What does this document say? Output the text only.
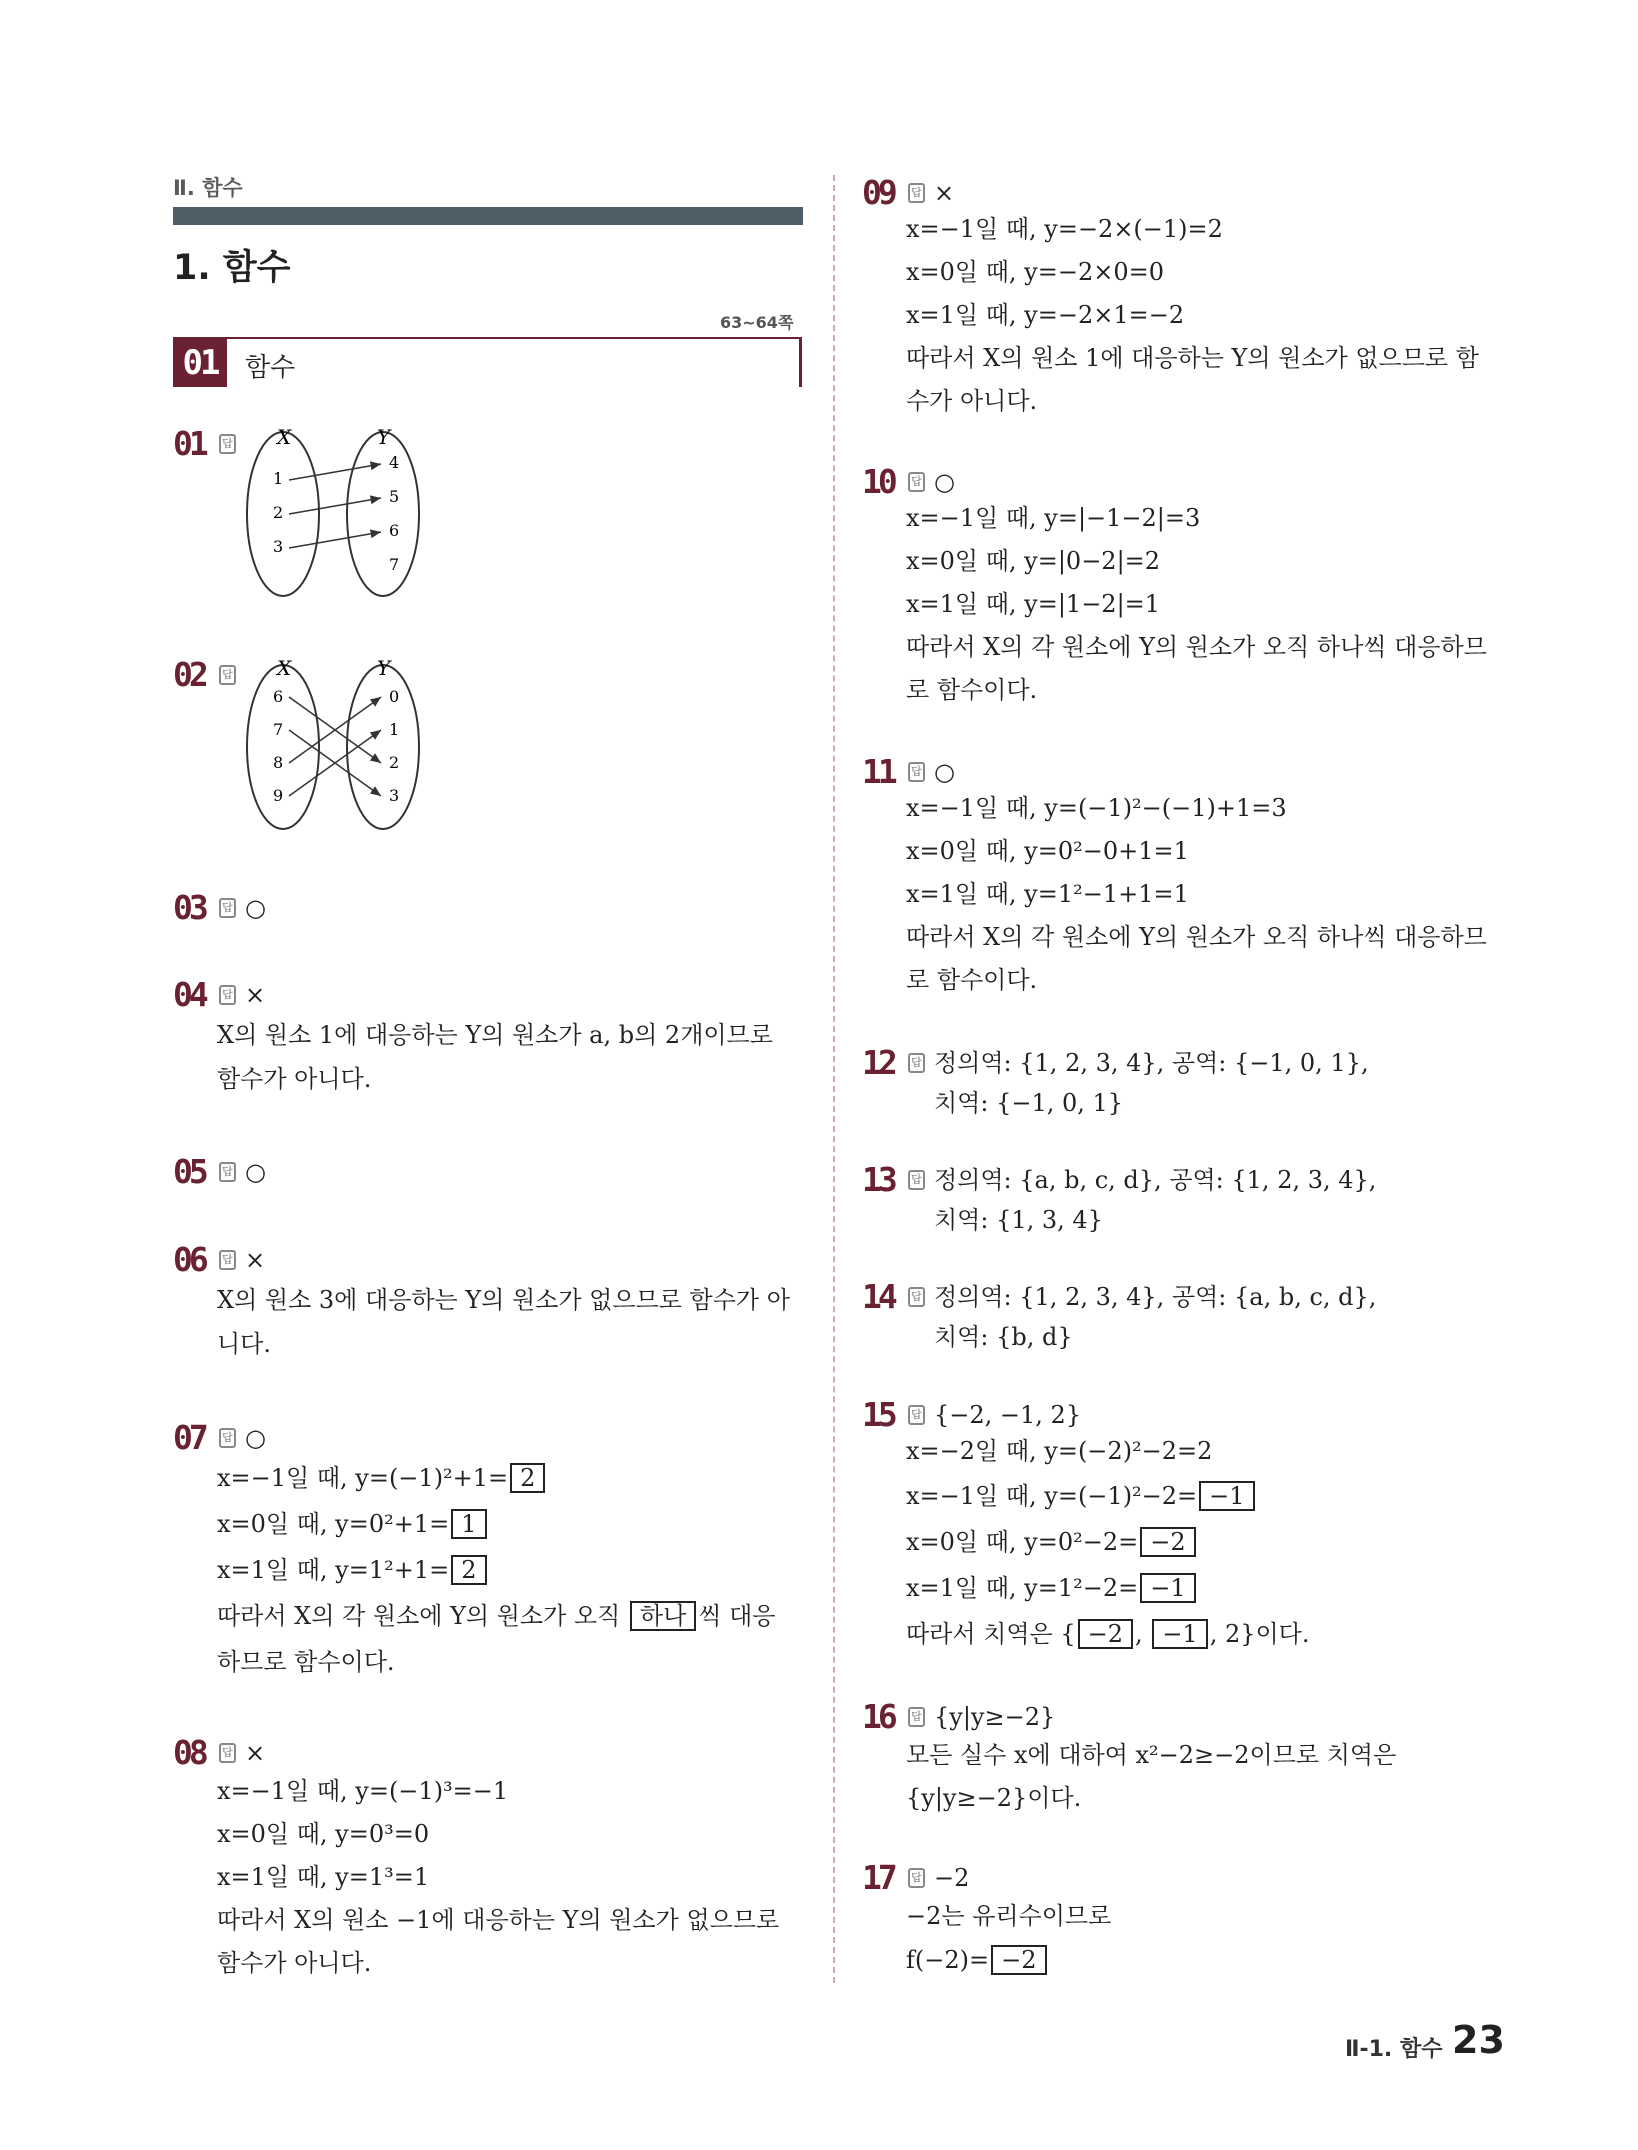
Ⅱ. 함수
1. 함수
63~64쪽
01	함수
01 답 X	Y
1
2
3
4
5
6
7
02 답 X	Y
6
7
8
9
0
1
2
3
03 답 ○
04 답 ×
X의 원소 1에 대응하는 Y의 원소가 a, b의 2개이므로
함수가 아니다.
05 답 ○
06 답 ×
X의 원소 3에 대응하는 Y의 원소가 없으므로 함수가 아
니다.
07 답 ○
x=−1일 때, y=(−1)²+1= 2
x=0일 때, y=0²+1= 1
x=1일 때, y=1²+1= 2
따라서 X의 각 원소에 Y의 원소가 오직 하나 씩 대응
하므로 함수이다.
08 답 ×
x=−1일 때, y=(−1)³=−1
x=0일 때, y=0³=0
x=1일 때, y=1³=1
따라서 X의 원소 −1에 대응하는 Y의 원소가 없으므로
함수가 아니다.
09 답 ×
x=−1일 때, y=−2×(−1)=2
x=0일 때, y=−2×0=0
x=1일 때, y=−2×1=−2
따라서 X의 원소 1에 대응하는 Y의 원소가 없으므로 함
수가 아니다.
10 답 ○
x=−1일 때, y=|−1−2|=3
x=0일 때, y=|0−2|=2
x=1일 때, y=|1−2|=1
따라서 X의 각 원소에 Y의 원소가 오직 하나씩 대응하므
로 함수이다.
11 답 ○
x=−1일 때, y=(−1)²−(−1)+1=3
x=0일 때, y=0²−0+1=1
x=1일 때, y=1²−1+1=1
따라서 X의 각 원소에 Y의 원소가 오직 하나씩 대응하므
로 함수이다.
12 답 정의역: {1, 2, 3, 4}, 공역: {−1, 0, 1},
치역: {−1, 0, 1}
13 답 정의역: {a, b, c, d}, 공역: {1, 2, 3, 4},
치역: {1, 3, 4}
14 답 정의역: {1, 2, 3, 4}, 공역: {a, b, c, d},
치역: {b, d}
15 답 {−2, −1, 2}
x=−2일 때, y=(−2)²−2=2
x=−1일 때, y=(−1)²−2= −1
x=0일 때, y=0²−2= −2
x=1일 때, y=1²−2= −1
따라서 치역은 { −2 , −1 , 2}이다.
16 답 {y|y≥−2}
모든 실수 x에 대하여 x²−2≥−2이므로 치역은
{y|y≥−2}이다.
17 답 −2
−2는 유리수이므로
f(−2)= −2
Ⅱ-1. 함수 23
